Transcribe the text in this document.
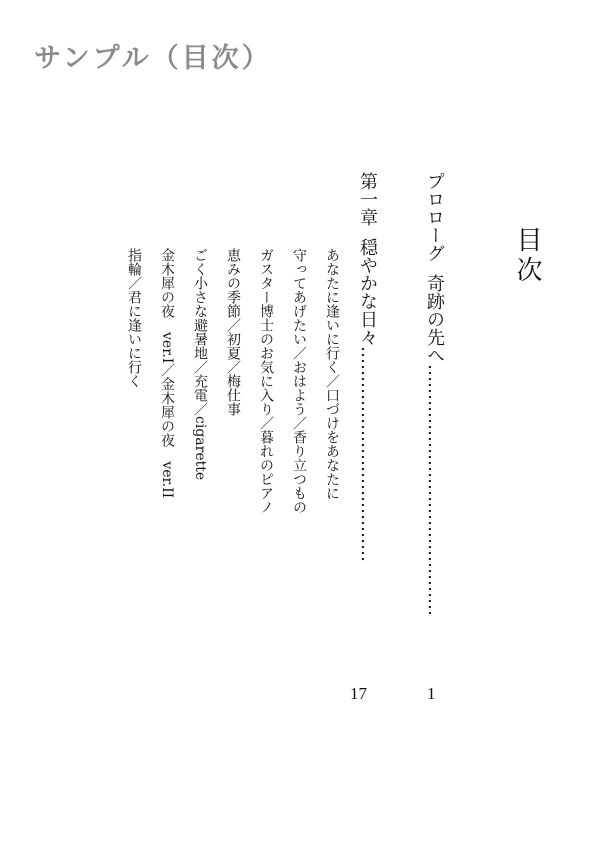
サンプル（目次）
目次
プロローグ奇跡の先へ……………………………………
1
第一章穏やかな日々………………………………
17
あなたに逢いに行く／口づけをあなたに
守ってあげたい／おはよう／香り立つもの
ガスター博士のお気に入り／暮れのピアノ
恵みの季節／初夏／梅仕事
ごく小さな避暑地／充電／cigarette
金木犀の夜　ver.I／金木犀の夜　ver.II
指輪／君に逢いに行く
